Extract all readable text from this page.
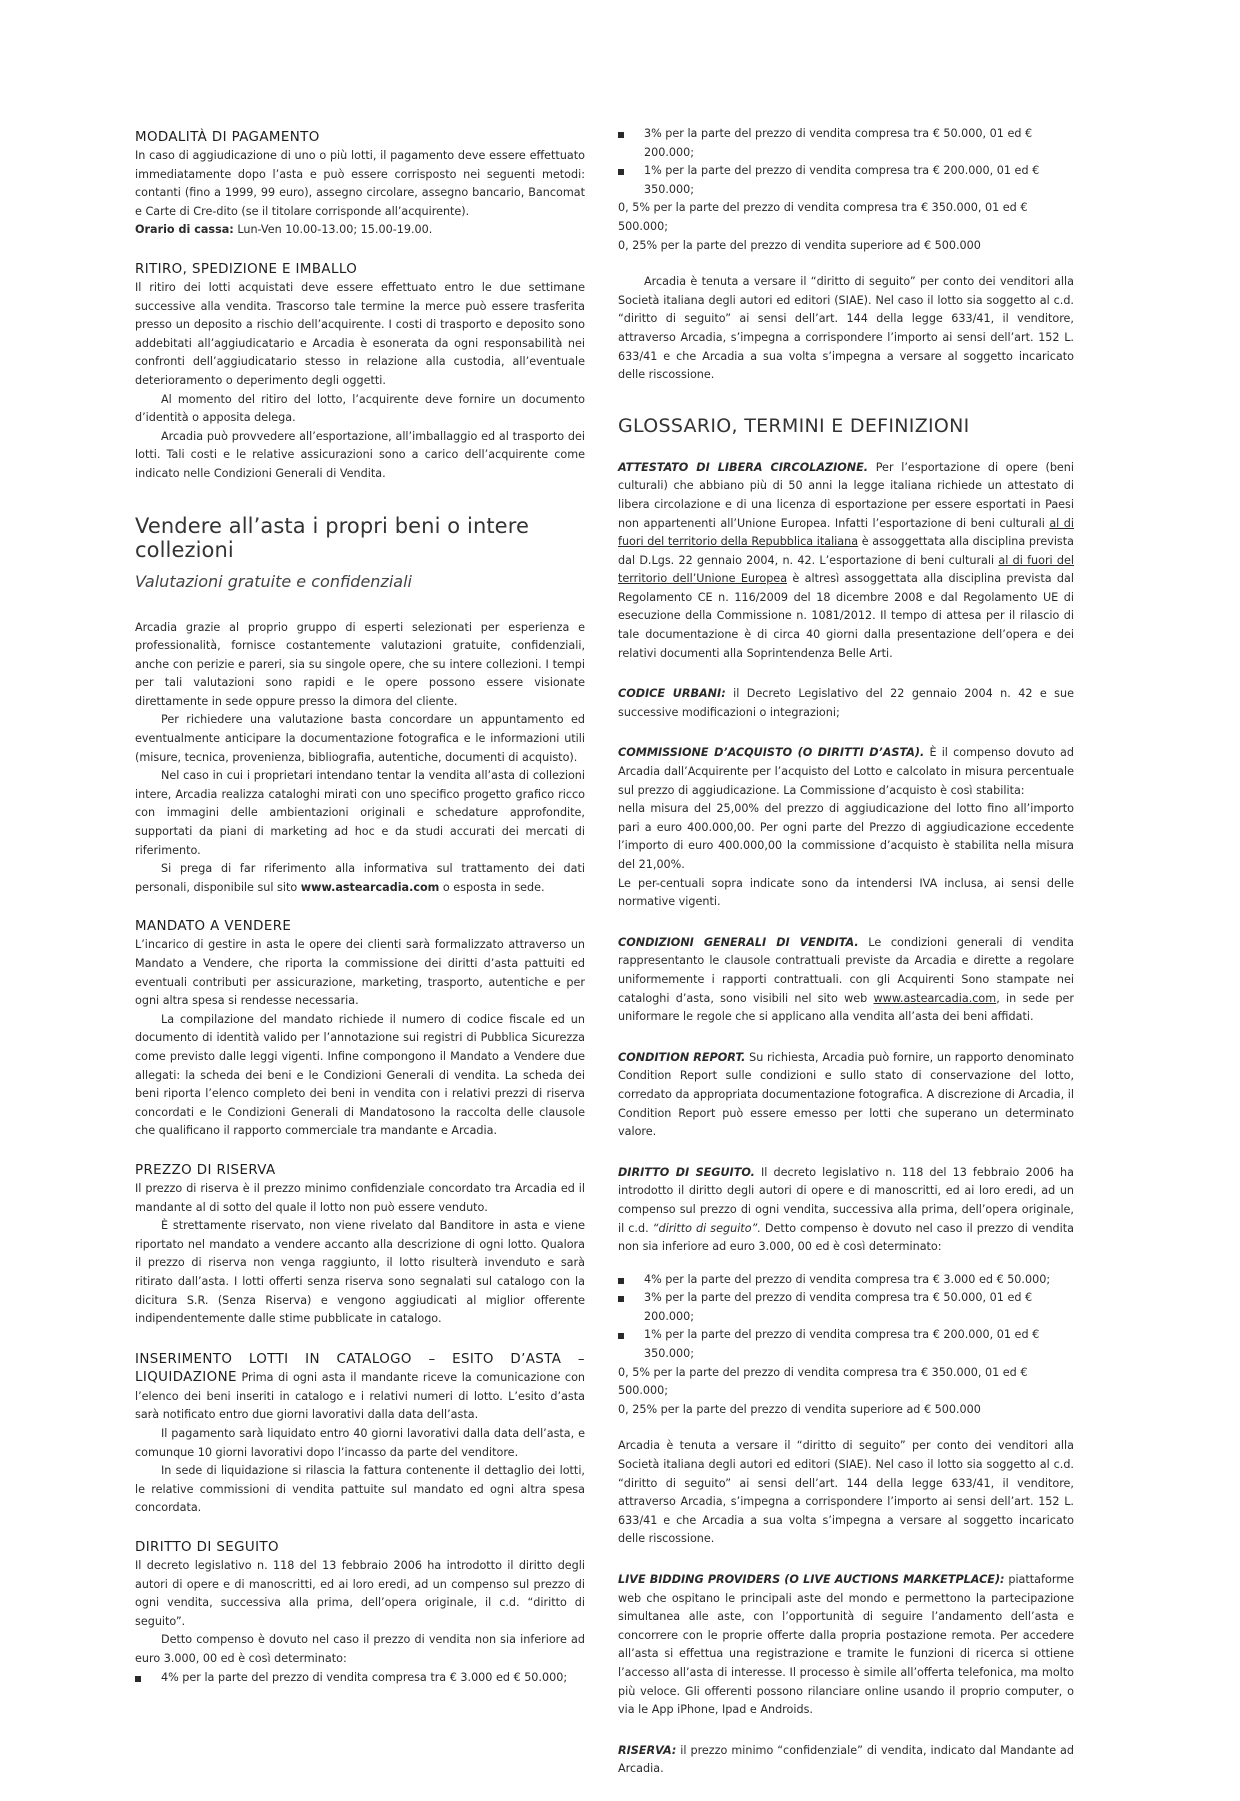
MODALITÀ DI PAGAMENTO

In caso di aggiudicazione di uno o più lotti, il pagamento deve essere effettuato immediatamente dopo l’asta e può essere corrisposto nei seguenti metodi: contanti (fino a 1999, 99 euro), assegno circolare, assegno bancario, Bancomat e Carte di Cre-dito (se il titolare corrisponde all’acquirente).
Orario di cassa: Lun-Ven 10.00-13.00; 15.00-19.00.

RITIRO, SPEDIZIONE E IMBALLO

Il ritiro dei lotti acquistati deve essere effettuato entro le due settimane successive alla vendita. Trascorso tale termine la merce può essere trasferita presso un deposito a rischio dell’acquirente. I costi di trasporto e deposito sono addebitati all’aggiudicatario e Arcadia è esonerata da ogni responsabilità nei confronti dell’aggiudicatario stesso in relazione alla custodia, all’eventuale deterioramento o deperimento degli oggetti.

Al momento del ritiro del lotto, l’acquirente deve fornire un documento d’identità o apposita delega.

Arcadia può provvedere all’esportazione, all’imballaggio ed al trasporto dei lotti. Tali costi e le relative assicurazioni sono a carico dell’acquirente come indicato nelle Condizioni Generali di Vendita.

Vendere all’asta i propri beni o intere collezioni
Valutazioni gratuite e confidenziali

Arcadia grazie al proprio gruppo di esperti selezionati per esperienza e professionalità, fornisce costantemente valutazioni gratuite, confidenziali, anche con perizie e pareri, sia su singole opere, che su intere collezioni. I tempi per tali valutazioni sono rapidi e le opere possono essere visionate direttamente in sede oppure presso la dimora del cliente.

Per richiedere una valutazione basta concordare un appuntamento ed eventualmente anticipare la documentazione fotografica e le informazioni utili (misure, tecnica, provenienza, bibliografia, autentiche, documenti di acquisto).

Nel caso in cui i proprietari intendano tentar la vendita all’asta di collezioni intere, Arcadia realizza cataloghi mirati con uno specifico progetto grafico ricco con immagini delle ambientazioni originali e schedature approfondite, supportati da piani di marketing ad hoc e da studi accurati dei mercati di riferimento.

Si prega di far riferimento alla informativa sul trattamento dei dati personali, disponibile sul sito www.astearcadia.com o esposta in sede.

MANDATO A VENDERE

L’incarico di gestire in asta le opere dei clienti sarà formalizzato attraverso un Mandato a Vendere, che riporta la commissione dei diritti d’asta pattuiti ed eventuali contributi per assicurazione, marketing, trasporto, autentiche e per ogni altra spesa si rendesse necessaria.

La compilazione del mandato richiede il numero di codice fiscale ed un documento di identità valido per l’annotazione sui registri di Pubblica Sicurezza come previsto dalle leggi vigenti. Infine compongono il Mandato a Vendere due allegati: la scheda dei beni e le Condizioni Generali di vendita. La scheda dei beni riporta l’elenco completo dei beni in vendita con i relativi prezzi di riserva concordati e le Condizioni Generali di Mandatosono la raccolta delle clausole che qualificano il rapporto commerciale tra mandante e Arcadia.

PREZZO DI RISERVA

Il prezzo di riserva è il prezzo minimo confidenziale concordato tra Arcadia ed il mandante al di sotto del quale il lotto non può essere venduto.

È strettamente riservato, non viene rivelato dal Banditore in asta e viene riportato nel mandato a vendere accanto alla descrizione di ogni lotto. Qualora il prezzo di riserva non venga raggiunto, il lotto risulterà invenduto e sarà ritirato dall’asta. I lotti offerti senza riserva sono segnalati sul catalogo con la dicitura S.R. (Senza Riserva) e vengono aggiudicati al miglior offerente indipendentemente dalle stime pubblicate in catalogo.

INSERIMENTO LOTTI IN CATALOGO – ESITO D’ASTA – LIQUIDAZIONE Prima di ogni asta il mandante riceve la comunicazione con l’elenco dei beni inseriti in catalogo e i relativi numeri di lotto. L’esito d’asta sarà notificato entro due giorni lavorativi dalla data dell’asta.

Il pagamento sarà liquidato entro 40 giorni lavorativi dalla data dell’asta, e comunque 10 giorni lavorativi dopo l’incasso da parte del venditore.

In sede di liquidazione si rilascia la fattura contenente il dettaglio dei lotti, le relative commissioni di vendita pattuite sul mandato ed ogni altra spesa concordata.

DIRITTO DI SEGUITO

Il decreto legislativo n. 118 del 13 febbraio 2006 ha introdotto il diritto degli autori di opere e di manoscritti, ed ai loro eredi, ad un compenso sul prezzo di ogni vendita, successiva alla prima, dell’opera originale, il c.d. “diritto di seguito”.

Detto compenso è dovuto nel caso il prezzo di vendita non sia inferiore ad euro 3.000, 00 ed è così determinato:

4% per la parte del prezzo di vendita compresa tra € 3.000 ed € 50.000;
3% per la parte del prezzo di vendita compresa tra € 50.000, 01 ed € 200.000;
1% per la parte del prezzo di vendita compresa tra € 200.000, 01 ed € 350.000;
0, 5% per la parte del prezzo di vendita compresa tra € 350.000, 01 ed € 500.000;
0, 25% per la parte del prezzo di vendita superiore ad € 500.000

Arcadia è tenuta a versare il “diritto di seguito” per conto dei venditori alla Società italiana degli autori ed editori (SIAE). Nel caso il lotto sia soggetto al c.d. “diritto di seguito” ai sensi dell’art. 144 della legge 633/41, il venditore, attraverso Arcadia, s’impegna a corrispondere l’importo ai sensi dell’art. 152 L. 633/41 e che Arcadia a sua volta s’impegna a versare al soggetto incaricato delle riscossione.

GLOSSARIO, TERMINI E DEFINIZIONI

ATTESTATO DI LIBERA CIRCOLAZIONE. Per l’esportazione di opere (beni culturali) che abbiano più di 50 anni la legge italiana richiede un attestato di libera circolazione e di una licenza di esportazione per essere esportati in Paesi non appartenenti all’Unione Europea. Infatti l’esportazione di beni culturali al di fuori del territorio della Repubblica italiana è assoggettata alla disciplina prevista dal D.Lgs. 22 gennaio 2004, n. 42. L’esportazione di beni culturali al di fuori del territorio dell’Unione Europea è altresì assoggettata alla disciplina prevista dal Regolamento CE n. 116/2009 del 18 dicembre 2008 e dal Regolamento UE di esecuzione della Commissione n. 1081/2012. Il tempo di attesa per il rilascio di tale documentazione è di circa 40 giorni dalla presentazione dell’opera e dei relativi documenti alla Soprintendenza Belle Arti.

CODICE URBANI: il Decreto Legislativo del 22 gennaio 2004 n. 42 e sue successive modificazioni o integrazioni;

COMMISSIONE D’ACQUISTO (O DIRITTI D’ASTA). È il compenso dovuto ad Arcadia dall’Acquirente per l’acquisto del Lotto e calcolato in misura percentuale sul prezzo di aggiudicazione. La Commissione d’acquisto è così stabilita:

nella misura del 25,00% del prezzo di aggiudicazione del lotto fino all’importo pari a euro 400.000,00. Per ogni parte del Prezzo di aggiudicazione eccedente l’importo di euro 400.000,00 la commissione d’acquisto è stabilita nella misura del 21,00%.

Le per-centuali sopra indicate sono da intendersi IVA inclusa, ai sensi delle normative vigenti.

CONDIZIONI GENERALI DI VENDITA. Le condizioni generali di vendita rappresentanto le clausole contrattuali previste da Arcadia e dirette a regolare uniformemente i rapporti contrattuali. con gli Acquirenti Sono stampate nei cataloghi d’asta, sono visibili nel sito web www.astearcadia.com, in sede per uniformare le regole che si applicano alla vendita all’asta dei beni affidati.

CONDITION REPORT. Su richiesta, Arcadia può fornire, un rapporto denominato Condition Report sulle condizioni e sullo stato di conservazione del lotto, corredato da appropriata documentazione fotografica. A discrezione di Arcadia, il Condition Report può essere emesso per lotti che superano un determinato valore.

DIRITTO DI SEGUITO. Il decreto legislativo n. 118 del 13 febbraio 2006 ha introdotto il diritto degli autori di opere e di manoscritti, ed ai loro eredi, ad un compenso sul prezzo di ogni vendita, successiva alla prima, dell’opera originale, il c.d. “diritto di seguito”. Detto compenso è dovuto nel caso il prezzo di vendita non sia inferiore ad euro 3.000, 00 ed è così determinato:

4% per la parte del prezzo di vendita compresa tra € 3.000 ed € 50.000;
3% per la parte del prezzo di vendita compresa tra € 50.000, 01 ed € 200.000;
1% per la parte del prezzo di vendita compresa tra € 200.000, 01 ed € 350.000;
0, 5% per la parte del prezzo di vendita compresa tra € 350.000, 01 ed € 500.000;
0, 25% per la parte del prezzo di vendita superiore ad € 500.000

Arcadia è tenuta a versare il “diritto di seguito” per conto dei venditori alla Società italiana degli autori ed editori (SIAE). Nel caso il lotto sia soggetto al c.d. “diritto di seguito” ai sensi dell’art. 144 della legge 633/41, il venditore, attraverso Arcadia, s’impegna a corrispondere l’importo ai sensi dell’art. 152 L. 633/41 e che Arcadia a sua volta s’impegna a versare al soggetto incaricato delle riscossione.

LIVE BIDDING PROVIDERS (O LIVE AUCTIONS MARKETPLACE): piattaforme web che ospitano le principali aste del mondo e permettono la partecipazione simultanea alle aste, con l’opportunità di seguire l’andamento dell’asta e concorrere con le proprie offerte dalla propria postazione remota. Per accedere all’asta si effettua una registrazione e tramite le funzioni di ricerca si ottiene l’accesso all’asta di interesse. Il processo è simile all’offerta telefonica, ma molto più veloce. Gli offerenti possono rilanciare online usando il proprio computer, o via le App iPhone, Ipad e Androids.

RISERVA: il prezzo minimo “confidenziale” di vendita, indicato dal Mandante ad Arcadia.
